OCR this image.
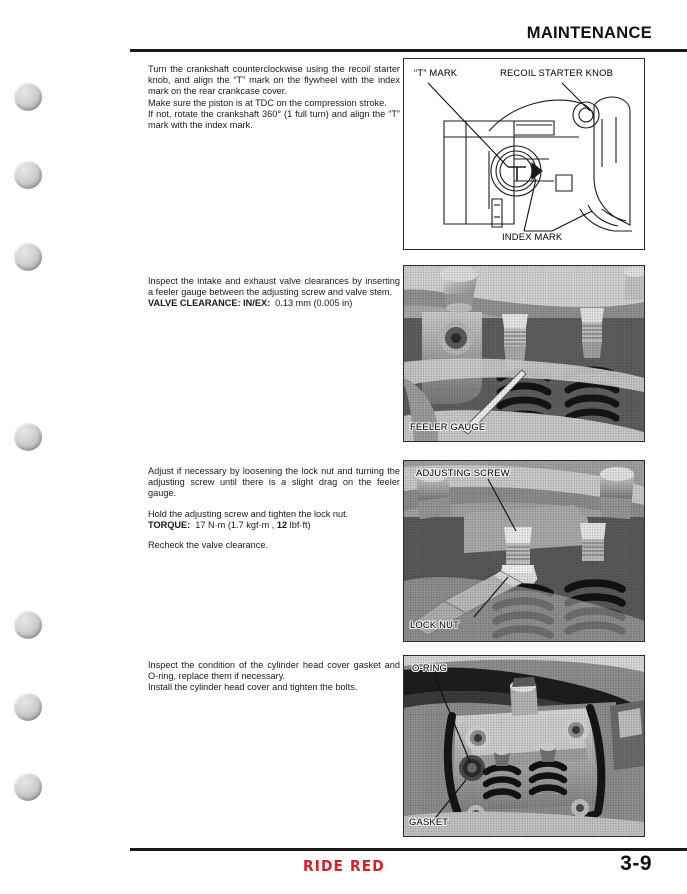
MAINTENANCE

Turn the crankshaft counterclockwise using the recoil starter knob, and align the “T” mark on the flywheel with the index mark on the rear crankcase cover.

Make sure the piston is at TDC on the compression stroke.

If not, rotate the crankshaft 360° (1 full turn) and align the “T” mark with the index mark.

“T” MARK	RECOIL STARTER KNOB
INDEX MARK

Inspect the intake and exhaust valve clearances by inserting a feeler gauge between the adjusting screw and valve stem.

VALVE CLEARANCE: IN/EX: 0.13 mm (0.005 in)

FEELER GAUGE

Adjust if necessary by loosening the lock nut and turning the adjusting screw until there is a slight drag on the feeler gauge.

Hold the adjusting screw and tighten the lock nut.

TORQUE: 17 N·m (1.7 kgf·m , 12 lbf·ft)

Recheck the valve clearance.

ADJUSTING SCREW
LOCK NUT

Inspect the condition of the cylinder head cover gasket and O-ring, replace them if necessary.

Install the cylinder head cover and tighten the bolts.

O-RING
GASKET
RIDE RED	3-9
